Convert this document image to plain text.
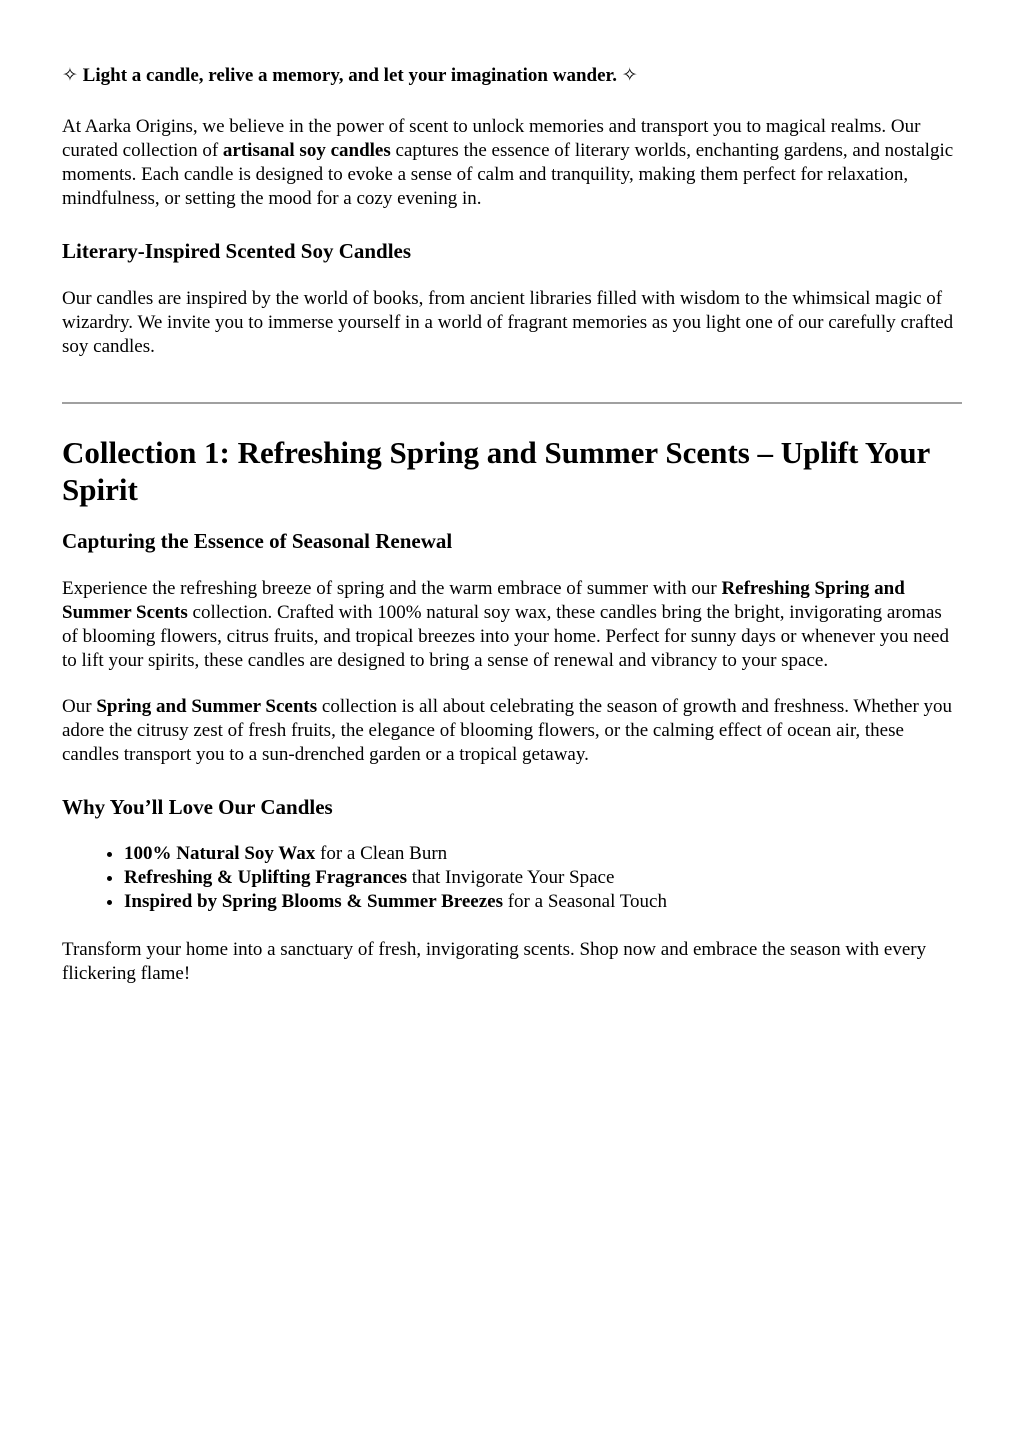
✧ Light a candle, relive a memory, and let your imagination wander. ✧

At Aarka Origins, we believe in the power of scent to unlock memories and transport you to magical realms. Our curated collection of artisanal soy candles captures the essence of literary worlds, enchanting gardens, and nostalgic moments. Each candle is designed to evoke a sense of calm and tranquility, making them perfect for relaxation, mindfulness, or setting the mood for a cozy evening in.

Literary-Inspired Scented Soy Candles

Our candles are inspired by the world of books, from ancient libraries filled with wisdom to the whimsical magic of wizardry. We invite you to immerse yourself in a world of fragrant memories as you light one of our carefully crafted soy candles.

Collection 1: Refreshing Spring and Summer Scents – Uplift Your Spirit
Capturing the Essence of Seasonal Renewal

Experience the refreshing breeze of spring and the warm embrace of summer with our Refreshing Spring and Summer Scents collection. Crafted with 100% natural soy wax, these candles bring the bright, invigorating aromas of blooming flowers, citrus fruits, and tropical breezes into your home. Perfect for sunny days or whenever you need to lift your spirits, these candles are designed to bring a sense of renewal and vibrancy to your space.

Our Spring and Summer Scents collection is all about celebrating the season of growth and freshness. Whether you adore the citrusy zest of fresh fruits, the elegance of blooming flowers, or the calming effect of ocean air, these candles transport you to a sun-drenched garden or a tropical getaway.

Why You’ll Love Our Candles
• 100% Natural Soy Wax for a Clean Burn
• Refreshing & Uplifting Fragrances that Invigorate Your Space
• Inspired by Spring Blooms & Summer Breezes for a Seasonal Touch

Transform your home into a sanctuary of fresh, invigorating scents. Shop now and embrace the season with every flickering flame!
